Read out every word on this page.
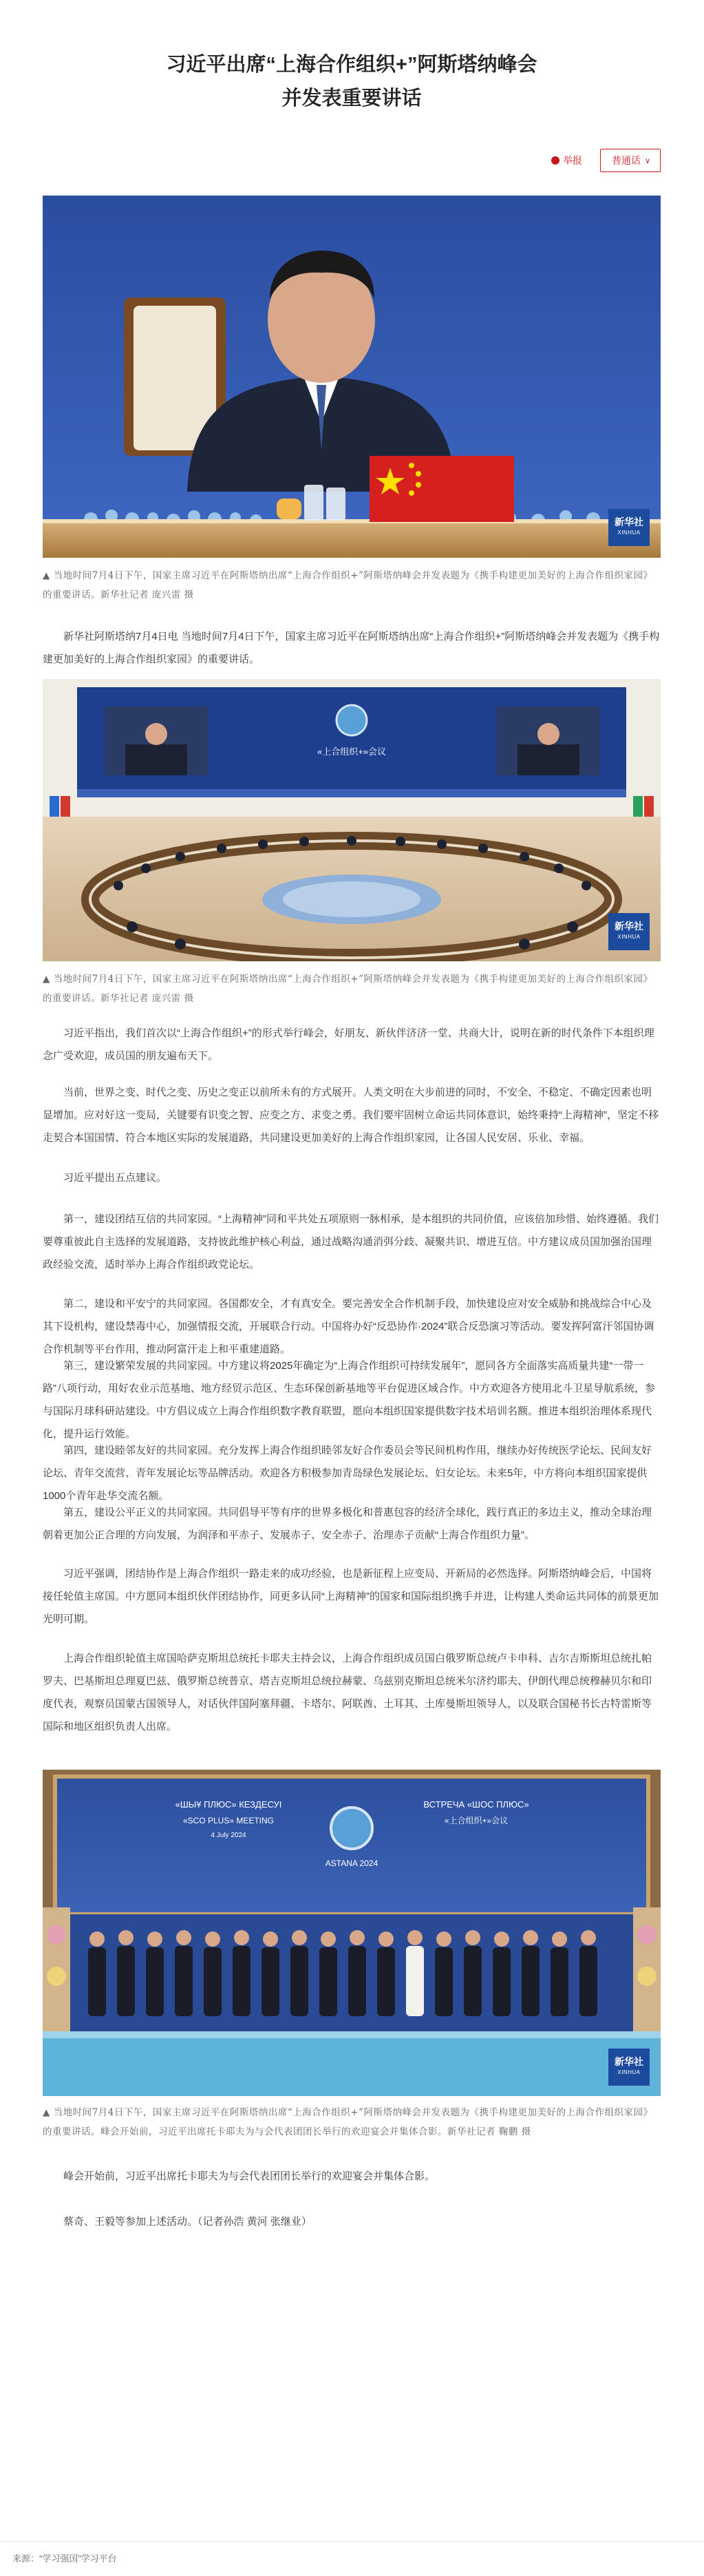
习近平出席“上海合作组织+”阿斯塔纳峰会
并发表重要讲话
举报	普通话 ∨
新华社
XINHUA
▲ 当地时间7月4日下午，国家主席习近平在阿斯塔纳出席“上海合作组织+”阿斯塔纳峰会并发表题为《携手构建更加美好的上海合作组织家园》的重要讲话。新华社记者 庞兴雷 摄

新华社阿斯塔纳7月4日电 当地时间7月4日下午，国家主席习近平在阿斯塔纳出席“上海合作组织+”阿斯塔纳峰会并发表题为《携手构建更加美好的上海合作组织家园》的重要讲话。

«上合组织+»会议
新华社
XINHUA
▲ 当地时间7月4日下午，国家主席习近平在阿斯塔纳出席“上海合作组织+”阿斯塔纳峰会并发表题为《携手构建更加美好的上海合作组织家园》的重要讲话。新华社记者 庞兴雷 摄

习近平指出，我们首次以“上海合作组织+”的形式举行峰会，好朋友、新伙伴济济一堂、共商大计，说明在新的时代条件下本组织理念广受欢迎，成员国的朋友遍布天下。

当前，世界之变、时代之变、历史之变正以前所未有的方式展开。人类文明在大步前进的同时，不安全、不稳定、不确定因素也明显增加。应对好这一变局，关键要有识变之智、应变之方、求变之勇。我们要牢固树立命运共同体意识，始终秉持“上海精神”，坚定不移走契合本国国情、符合本地区实际的发展道路，共同建设更加美好的上海合作组织家园，让各国人民安居、乐业、幸福。

习近平提出五点建议。

第一，建设团结互信的共同家园。“上海精神”同和平共处五项原则一脉相承，是本组织的共同价值，应该倍加珍惜、始终遵循。我们要尊重彼此自主选择的发展道路，支持彼此维护核心利益，通过战略沟通消弭分歧、凝聚共识、增进互信。中方建议成员国加强治国理政经验交流，适时举办上海合作组织政党论坛。

第二，建设和平安宁的共同家园。各国都安全，才有真安全。要完善安全合作机制手段，加快建设应对安全威胁和挑战综合中心及其下设机构，建设禁毒中心，加强情报交流，开展联合行动。中国将办好“反恐协作·2024”联合反恐演习等活动。要发挥阿富汗邻国协调合作机制等平台作用，推动阿富汗走上和平重建道路。

第三，建设繁荣发展的共同家园。中方建议将2025年确定为“上海合作组织可持续发展年”，愿同各方全面落实高质量共建“一带一路”八项行动，用好农业示范基地、地方经贸示范区、生态环保创新基地等平台促进区域合作。中方欢迎各方使用北斗卫星导航系统，参与国际月球科研站建设。中方倡议成立上海合作组织数字教育联盟，愿向本组织国家提供数字技术培训名额。推进本组织治理体系现代化，提升运行效能。

第四，建设睦邻友好的共同家园。充分发挥上海合作组织睦邻友好合作委员会等民间机构作用，继续办好传统医学论坛、民间友好论坛、青年交流营、青年发展论坛等品牌活动。欢迎各方积极参加青岛绿色发展论坛、妇女论坛。未来5年，中方将向本组织国家提供1000个青年赴华交流名额。

第五，建设公平正义的共同家园。共同倡导平等有序的世界多极化和普惠包容的经济全球化，践行真正的多边主义，推动全球治理朝着更加公正合理的方向发展，为润泽和平赤子、发展赤子、安全赤子、治理赤子贡献“上海合作组织力量”。

习近平强调，团结协作是上海合作组织一路走来的成功经验，也是新征程上应变局、开新局的必然选择。阿斯塔纳峰会后，中国将接任轮值主席国。中方愿同本组织伙伴团结协作，同更多认同“上海精神”的国家和国际组织携手并进，让构建人类命运共同体的前景更加光明可期。

上海合作组织轮值主席国哈萨克斯坦总统托卡耶夫主持会议，上海合作组织成员国白俄罗斯总统卢卡申科、吉尔吉斯斯坦总统扎帕罗夫、巴基斯坦总理夏巴兹、俄罗斯总统普京、塔吉克斯坦总统拉赫蒙、乌兹别克斯坦总统米尔济约耶夫、伊朗代理总统穆赫贝尔和印度代表，观察员国蒙古国领导人，对话伙伴国阿塞拜疆、卡塔尔、阿联酋、土耳其、土库曼斯坦领导人，以及联合国秘书长古特雷斯等国际和地区组织负责人出席。

ASTANA 2024
«ШЫҰ ПЛЮС» КЕЗДЕСУІ
«SCO PLUS» MEETING
4 July 2024
ВСТРЕЧА «ШОС ПЛЮС»
«上合组织+»会议
新华社
XINHUA
▲ 当地时间7月4日下午，国家主席习近平在阿斯塔纳出席“上海合作组织+”阿斯塔纳峰会并发表题为《携手构建更加美好的上海合作组织家园》的重要讲话。峰会开始前，习近平出席托卡耶夫为与会代表团团长举行的欢迎宴会并集体合影。新华社记者 鞠鹏 摄

峰会开始前，习近平出席托卡耶夫为与会代表团团长举行的欢迎宴会并集体合影。

蔡奇、王毅等参加上述活动。（记者孙浩 黄河 张继业）

来源：“学习强国”学习平台
